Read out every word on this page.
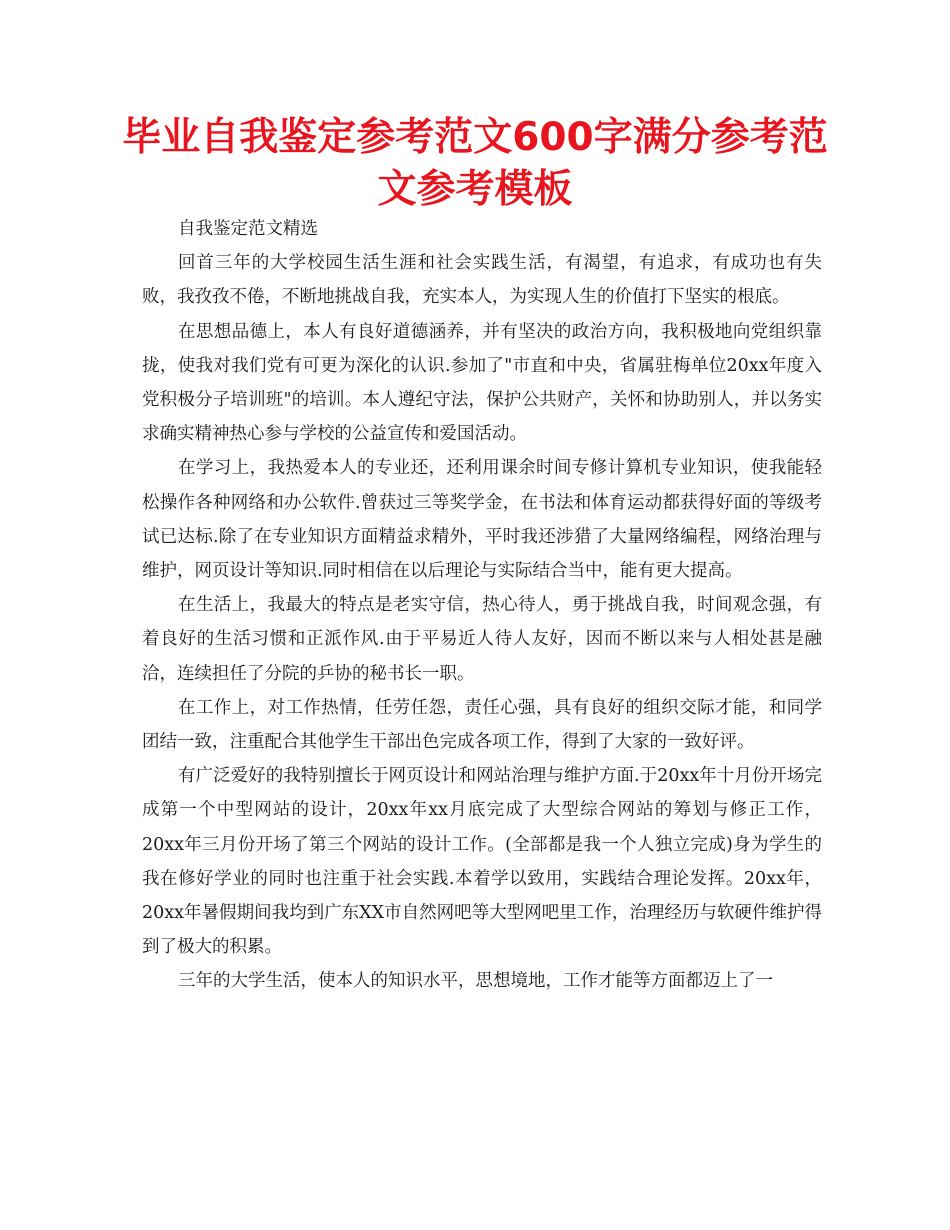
毕业自我鉴定参考范文600字满分参考范文参考模板

自我鉴定范文精选

回首三年的大学校园生活生涯和社会实践生活，有渴望，有追求，有成功也有失败，我孜孜不倦，不断地挑战自我，充实本人，为实现人生的价值打下坚实的根底。

在思想品德上，本人有良好道德涵养，并有坚决的政治方向，我积极地向党组织靠拢，使我对我们党有可更为深化的认识.参加了"市直和中央，省属驻梅单位20xx年度入党积极分子培训班"的培训。本人遵纪守法，保护公共财产，关怀和协助别人，并以务实求确实精神热心参与学校的公益宣传和爱国活动。

在学习上，我热爱本人的专业还，还利用课余时间专修计算机专业知识，使我能轻松操作各种网络和办公软件.曾获过三等奖学金，在书法和体育运动都获得好面的等级考试已达标.除了在专业知识方面精益求精外，平时我还涉猎了大量网络编程，网络治理与维护，网页设计等知识.同时相信在以后理论与实际结合当中，能有更大提高。

在生活上，我最大的特点是老实守信，热心待人，勇于挑战自我，时间观念强，有着良好的生活习惯和正派作风.由于平易近人待人友好，因而不断以来与人相处甚是融洽，连续担任了分院的乒协的秘书长一职。

在工作上，对工作热情，任劳任怨，责任心强，具有良好的组织交际才能，和同学团结一致，注重配合其他学生干部出色完成各项工作，得到了大家的一致好评。

有广泛爱好的我特别擅长于网页设计和网站治理与维护方面.于20xx年十月份开场完成第一个中型网站的设计，20xx年xx月底完成了大型综合网站的筹划与修正工作，20xx年三月份开场了第三个网站的设计工作。(全部都是我一个人独立完成)身为学生的我在修好学业的同时也注重于社会实践.本着学以致用，实践结合理论发挥。20xx年，20xx年暑假期间我均到广东XX市自然网吧等大型网吧里工作，治理经历与软硬件维护得到了极大的积累。

三年的大学生活，使本人的知识水平，思想境地，工作才能等方面都迈上了一
